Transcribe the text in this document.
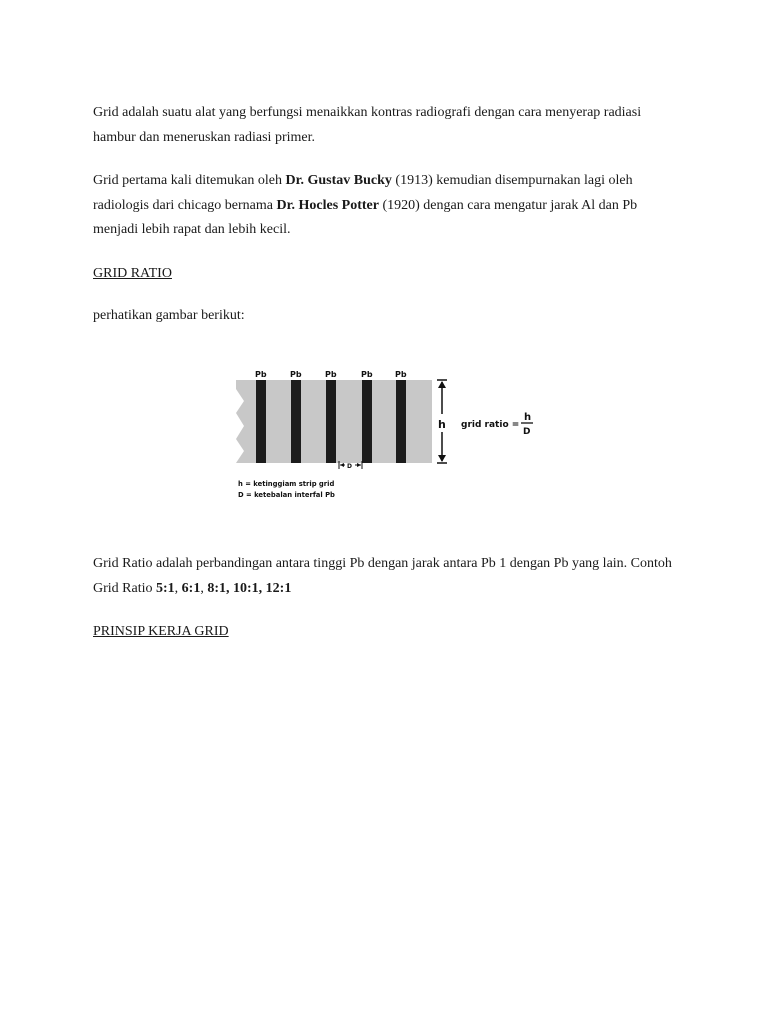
Grid adalah suatu alat yang berfungsi menaikkan kontras radiografi dengan cara menyerap radiasi hambur dan meneruskan radiasi primer.

Grid pertama kali ditemukan oleh Dr. Gustav Bucky (1913) kemudian disempurnakan lagi oleh radiologis dari chicago bernama Dr. Hocles Potter (1920) dengan cara mengatur jarak Al dan Pb menjadi lebih rapat dan lebih kecil.

GRID RATIO

perhatikan gambar berikut:

Pb	Pb	Pb	Pb	Pb
h
D
grid ratio =
h
D
h = ketinggiam strip grid
D = ketebalan interfal Pb

Grid Ratio adalah perbandingan antara tinggi Pb dengan jarak antara Pb 1 dengan Pb yang lain. Contoh Grid Ratio 5:1, 6:1, 8:1, 10:1, 12:1

PRINSIP KERJA GRID
